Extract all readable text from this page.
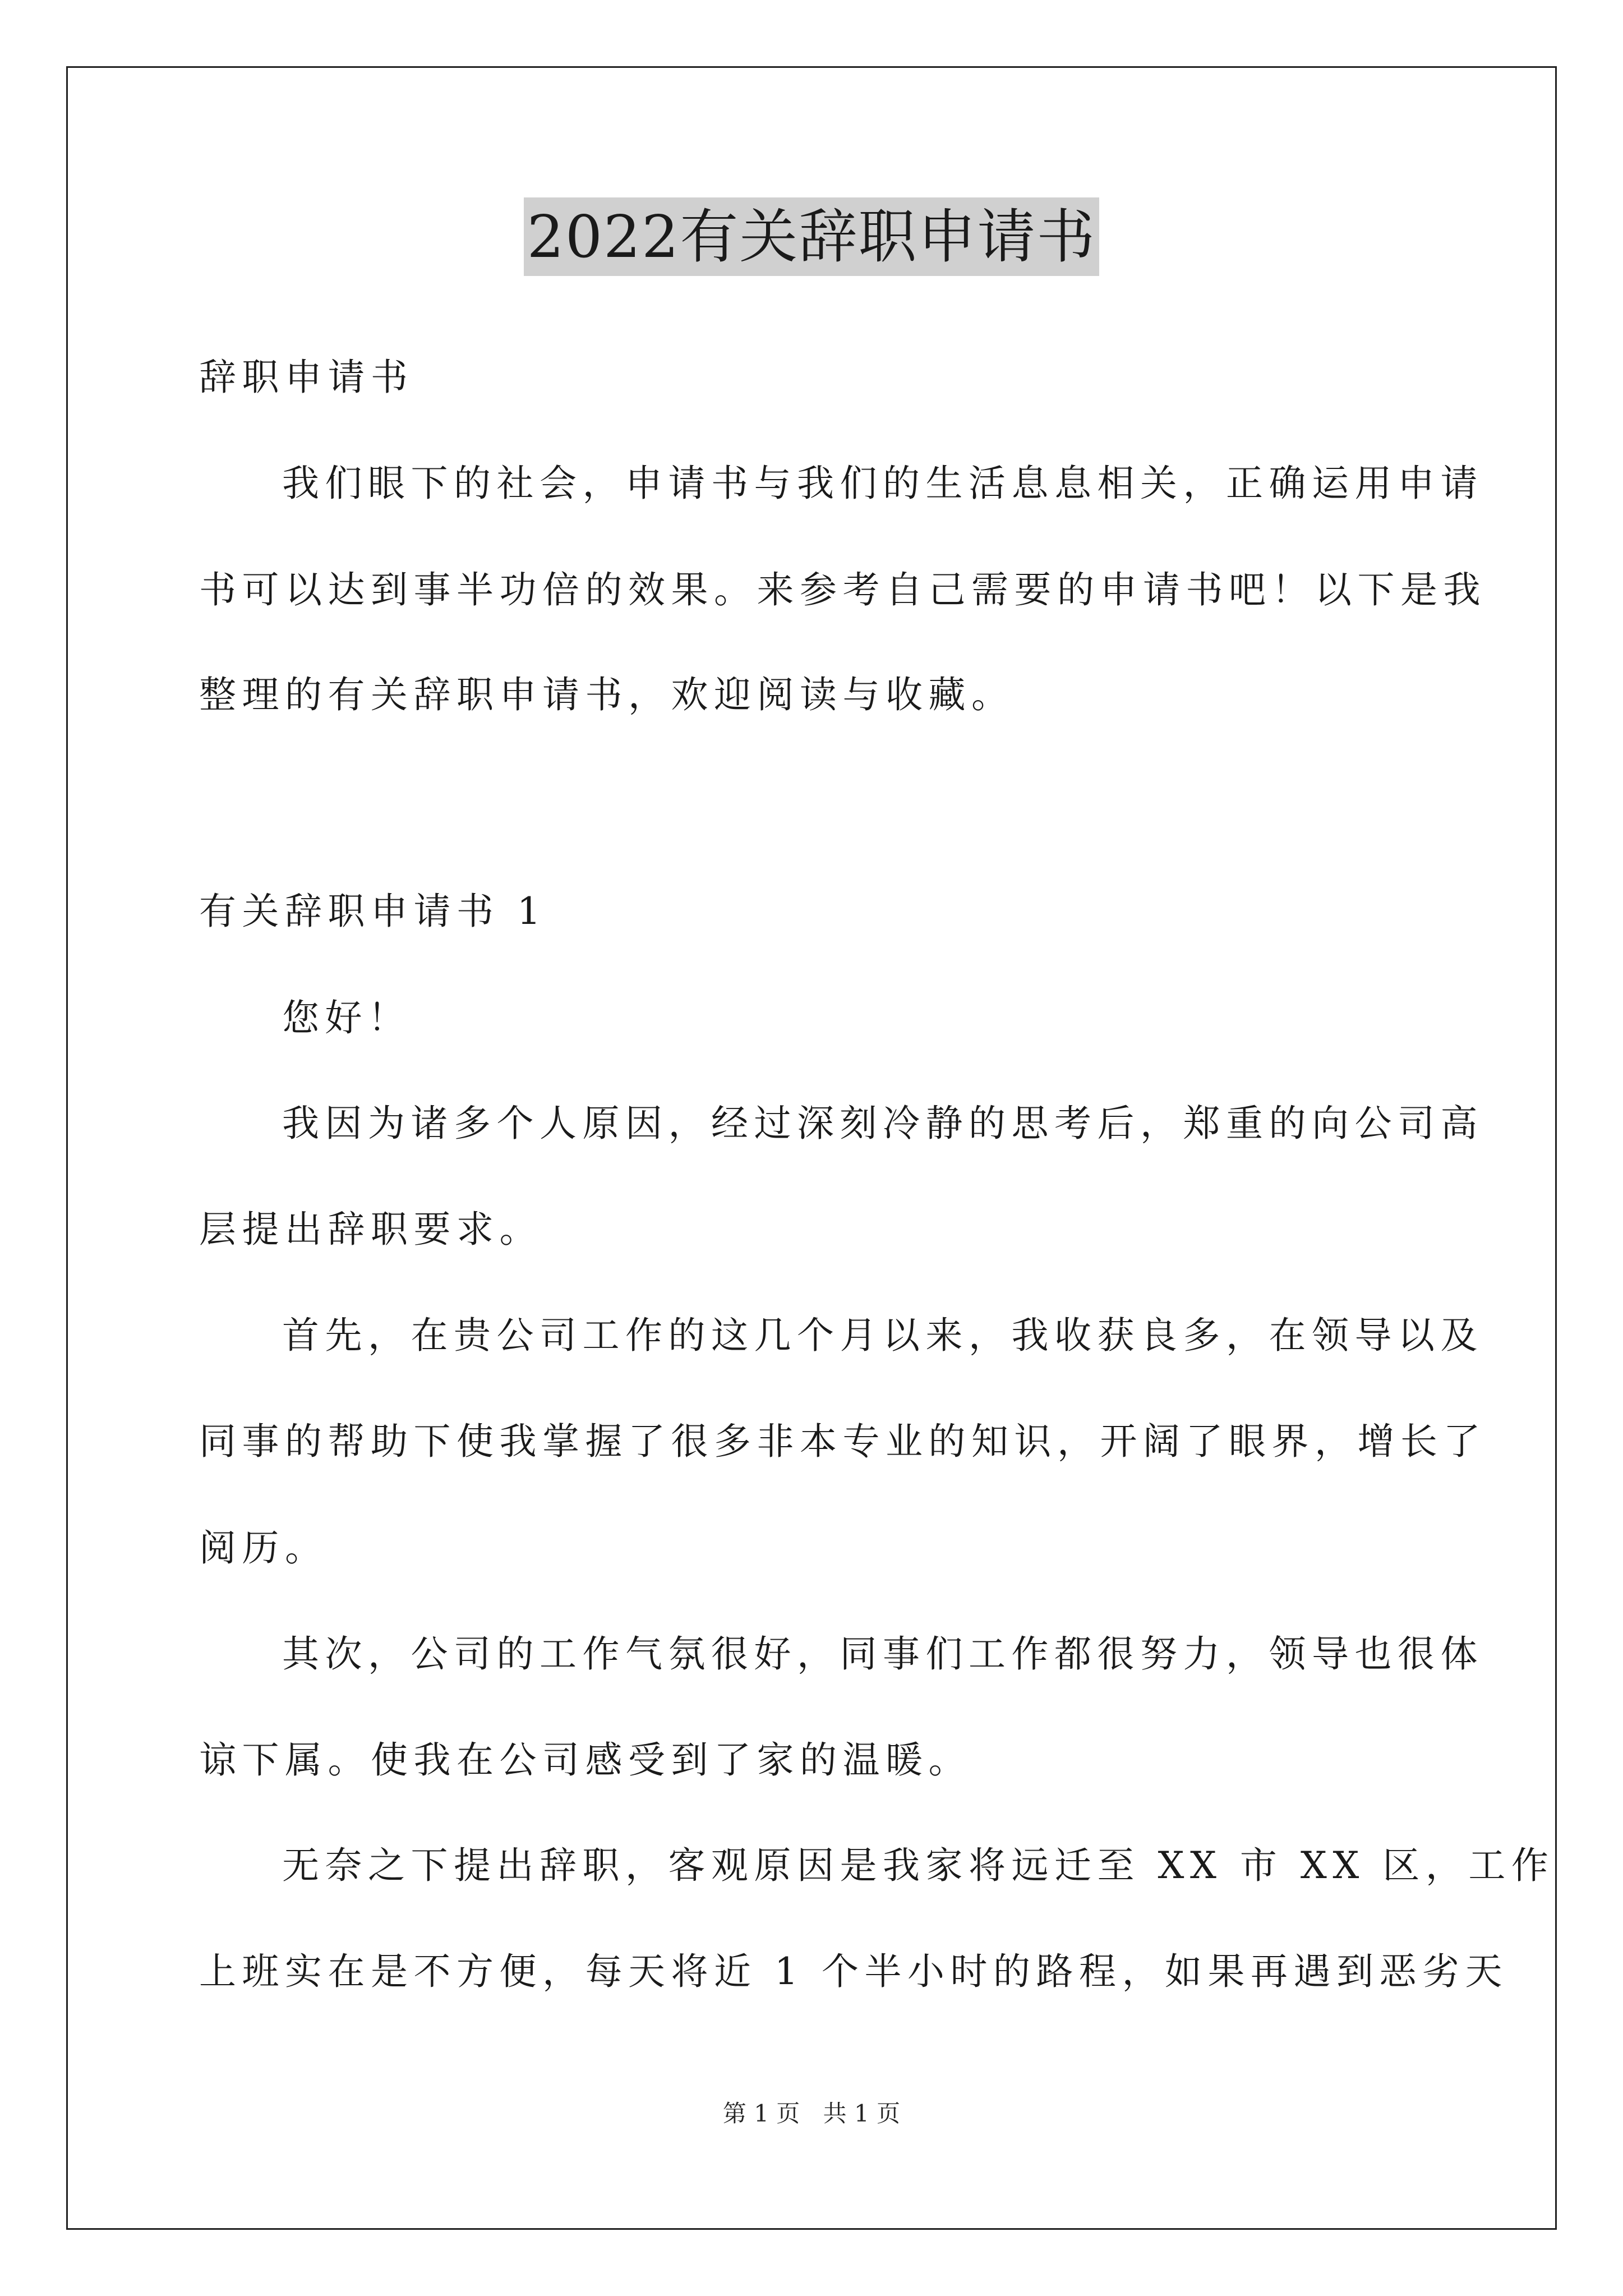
2022有关辞职申请书
辞职申请书
我们眼下的社会，申请书与我们的生活息息相关，正确运用申请
书可以达到事半功倍的效果。来参考自己需要的申请书吧！以下是我
整理的有关辞职申请书，欢迎阅读与收藏。
有关辞职申请书 1
您好！
我因为诸多个人原因，经过深刻冷静的思考后，郑重的向公司高
层提出辞职要求。
首先，在贵公司工作的这几个月以来，我收获良多，在领导以及
同事的帮助下使我掌握了很多非本专业的知识，开阔了眼界，增长了
阅历。
其次，公司的工作气氛很好，同事们工作都很努力，领导也很体
谅下属。使我在公司感受到了家的温暖。
无奈之下提出辞职，客观原因是我家将远迁至 XX 市 XX 区，工作
上班实在是不方便，每天将近 1 个半小时的路程，如果再遇到恶劣天
第 1 页 共 1 页
